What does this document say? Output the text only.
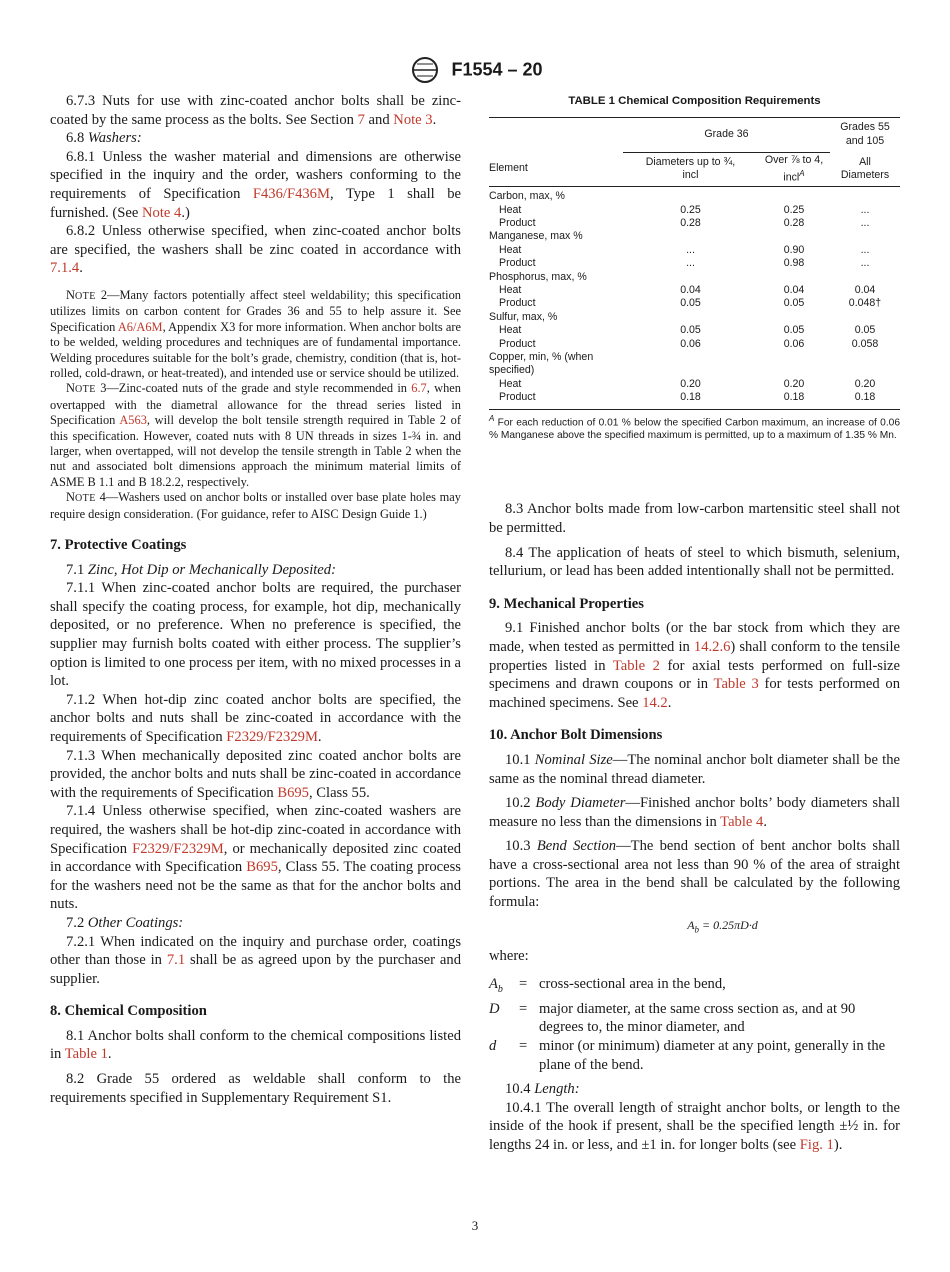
F1554 – 20

6.7.3 Nuts for use with zinc-coated anchor bolts shall be zinc-coated by the same process as the bolts. See Section 7 and Note 3.

6.8 Washers:

6.8.1 Unless the washer material and dimensions are otherwise specified in the inquiry and the order, washers conforming to the requirements of Specification F436/F436M, Type 1 shall be furnished. (See Note 4.)

6.8.2 Unless otherwise specified, when zinc-coated anchor bolts are specified, the washers shall be zinc coated in accordance with 7.1.4.

NOTE 2—Many factors potentially affect steel weldability; this specification utilizes limits on carbon content for Grades 36 and 55 to help assure it. See Specification A6/A6M, Appendix X3 for more information. When anchor bolts are to be welded, welding procedures and techniques are of fundamental importance. Welding procedures suitable for the bolt’s grade, chemistry, condition (that is, hot-rolled, cold-drawn, or heat-treated), and intended use or service should be utilized.

NOTE 3—Zinc-coated nuts of the grade and style recommended in 6.7, when overtapped with the diametral allowance for the thread series listed in Specification A563, will develop the bolt tensile strength required in Table 2 of this specification. However, coated nuts with 8 UN threads in sizes 1-¾ in. and larger, when overtapped, will not develop the tensile strength in Table 2 when the nut and associated bolt dimensions approach the minimum material limits of ASME B 1.1 and B 18.2.2, respectively.

NOTE 4—Washers used on anchor bolts or installed over base plate holes may require design consideration. (For guidance, refer to AISC Design Guide 1.)

7. Protective Coatings

7.1 Zinc, Hot Dip or Mechanically Deposited:

7.1.1 When zinc-coated anchor bolts are required, the purchaser shall specify the coating process, for example, hot dip, mechanically deposited, or no preference. When no preference is specified, the supplier may furnish bolts coated with either process. The supplier’s option is limited to one process per item, with no mixed processes in a lot.

7.1.2 When hot-dip zinc coated anchor bolts are specified, the anchor bolts and nuts shall be zinc-coated in accordance with the requirements of Specification F2329/F2329M.

7.1.3 When mechanically deposited zinc coated anchor bolts are provided, the anchor bolts and nuts shall be zinc-coated in accordance with the requirements of Specification B695, Class 55.

7.1.4 Unless otherwise specified, when zinc-coated washers are required, the washers shall be hot-dip zinc-coated in accordance with Specification F2329/F2329M, or mechanically deposited zinc coated in accordance with Specification B695, Class 55. The coating process for the washers need not be the same as that for the anchor bolts and nuts.

7.2 Other Coatings:

7.2.1 When indicated on the inquiry and purchase order, coatings other than those in 7.1 shall be as agreed upon by the purchaser and supplier.

8. Chemical Composition

8.1 Anchor bolts shall conform to the chemical compositions listed in Table 1.

8.2 Grade 55 ordered as weldable shall conform to the requirements specified in Supplementary Requirement S1.

TABLE 1 Chemical Composition Requirements

	Grade 36		Grades 55
and 105
Element	Diameters up to ¾,
incl	Over ⅞ to 4,
incl$^A$	All
Diameters
Carbon, max, %			
Heat	0.25	0.25	...
Product	0.28	0.28	...
Manganese, max %			
Heat	...	0.90	...
Product	...	0.98	...
Phosphorus, max, %			
Heat	0.04	0.04	0.04
Product	0.05	0.05	0.048†
Sulfur, max, %			
Heat	0.05	0.05	0.05
Product	0.06	0.06	0.058
Copper, min, % (when			
specified)			
Heat	0.20	0.20	0.20
Product	0.18	0.18	0.18

$^A$ For each reduction of 0.01 % below the specified Carbon maximum, an increase of 0.06 % Manganese above the specified maximum is permitted, up to a maximum of 1.35 % Mn.

8.3 Anchor bolts made from low-carbon martensitic steel shall not be permitted.

8.4 The application of heats of steel to which bismuth, selenium, tellurium, or lead has been added intentionally shall not be permitted.

9. Mechanical Properties

9.1 Finished anchor bolts (or the bar stock from which they are made, when tested as permitted in 14.2.6) shall conform to the tensile properties listed in Table 2 for axial tests performed on full-size specimens and drawn coupons or in Table 3 for tests performed on machined specimens. See 14.2.

10. Anchor Bolt Dimensions

10.1 Nominal Size—The nominal anchor bolt diameter shall be the same as the nominal thread diameter.

10.2 Body Diameter—Finished anchor bolts’ body diameters shall measure no less than the dimensions in Table 4.

10.3 Bend Section—The bend section of bent anchor bolts shall have a cross-sectional area not less than 90 % of the area of straight portions. The area in the bend shall be calculated by the following formula:

$A_b = 0.25\pi D\cdot d$

where:

$A_b$	= cross-sectional area in the bend,
D	= major diameter, at the same cross section as, and at 90 degrees to, the minor diameter, and
d	= minor (or minimum) diameter at any point, generally in the plane of the bend.

10.4 Length:

10.4.1 The overall length of straight anchor bolts, or length to the inside of the hook if present, shall be the specified length ±½ in. for lengths 24 in. or less, and ±1 in. for longer bolts (see Fig. 1).

3
